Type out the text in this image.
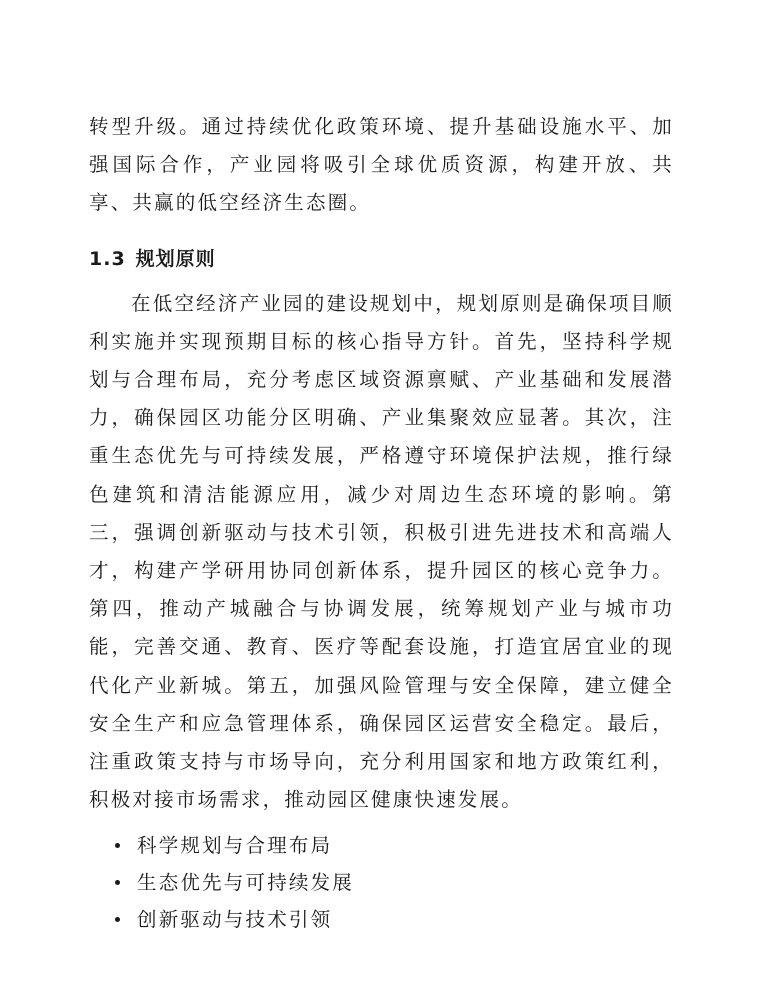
转型升级。通过持续优化政策环境、提升基础设施水平、加强国际合作，产业园将吸引全球优质资源，构建开放、共享、共赢的低空经济生态圈。

1.3 规划原则

在低空经济产业园的建设规划中，规划原则是确保项目顺利实施并实现预期目标的核心指导方针。首先，坚持科学规划与合理布局，充分考虑区域资源禀赋、产业基础和发展潜力，确保园区功能分区明确、产业集聚效应显著。其次，注重生态优先与可持续发展，严格遵守环境保护法规，推行绿色建筑和清洁能源应用，减少对周边生态环境的影响。第三，强调创新驱动与技术引领，积极引进先进技术和高端人才，构建产学研用协同创新体系，提升园区的核心竞争力。第四，推动产城融合与协调发展，统筹规划产业与城市功能，完善交通、教育、医疗等配套设施，打造宜居宜业的现代化产业新城。第五，加强风险管理与安全保障，建立健全安全生产和应急管理体系，确保园区运营安全稳定。最后，注重政策支持与市场导向，充分利用国家和地方政策红利，积极对接市场需求，推动园区健康快速发展。

科学规划与合理布局
生态优先与可持续发展
创新驱动与技术引领
